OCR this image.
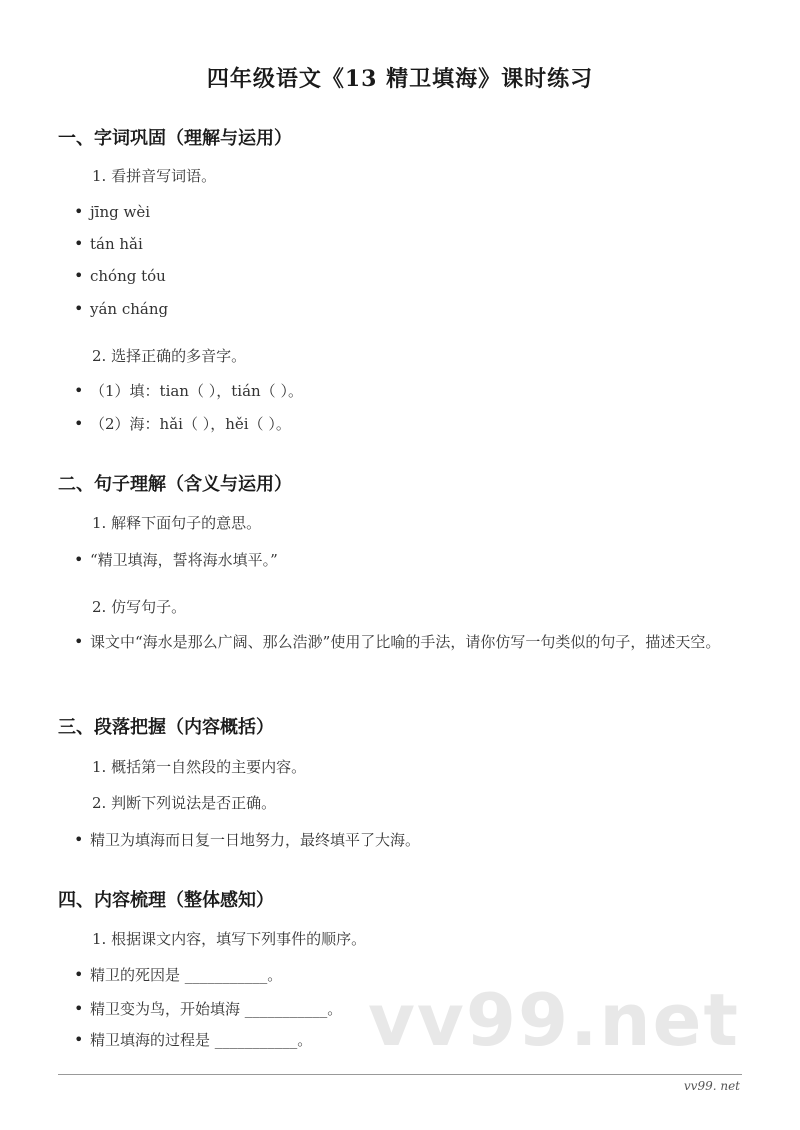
四年级语文《13 精卫填海》课时练习
一、字词巩固（理解与运用）
1. 看拼音写词语。
• jīng wèi
• tán hǎi
• chóng tóu
• yán cháng
2. 选择正确的多音字。
• （1）填：tian（ ），tián（ ）。
• （2）海：hǎi（ ），hěi（ ）。
二、句子理解（含义与运用）
1. 解释下面句子的意思。
• “精卫填海，誓将海水填平。”
2. 仿写句子。
• 课文中“海水是那么广阔、那么浩渺”使用了比喻的手法，请你仿写一句类似的句子，描述天空。
三、段落把握（内容概括）
1. 概括第一自然段的主要内容。
2. 判断下列说法是否正确。
• 精卫为填海而日复一日地努力，最终填平了大海。
四、内容梳理（整体感知）
1. 根据课文内容，填写下列事件的顺序。
• 精卫的死因是 ___________。
• 精卫变为鸟，开始填海 ___________。
• 精卫填海的过程是 ___________。 vv99.net
vv99. net
